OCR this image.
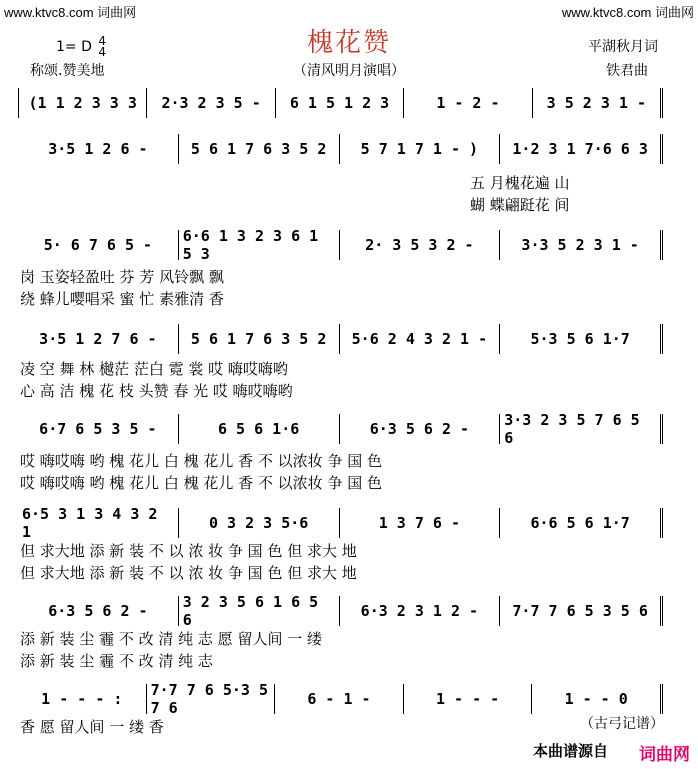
www.ktvc8.com 词曲网	www.ktvc8.com 词曲网
槐花赞
1= D 4
4
称颂.赞美地	（清风明月演唱）
平湖秋月词
铁君曲
(1 1 2 3 3 3	2·3 2 3 5 -	6 1 5 1 2 3	1 - 2 -	3 5 2 3 1 -
3·5 1 2 6 -	5 6 1 7 6 3 5 2	5 7 1 7 1 - )	1·2 3 1 7·6 6 3
五 月槐花遍 山
蝴 蝶翩跹花 间
5· 6 7 6 5 -	6·6 1 3 2 3 6 1 5 3	2· 3 5 3 2 -	3·3 5 2 3 1 -
岗 玉姿轻盈吐 芬 芳 风铃飘 飘
绕 蜂儿嘤唱采 蜜 忙 素雅清 香
3·5 1 2 7 6 -	5 6 1 7 6 3 5 2	5·6 2 4 3 2 1 -	5·3 5 6 1·7
凌 空 舞 林 樾茫 茫白 霓 裳 哎 嗨哎嗨哟
心 高 洁 槐 花 枝 头赞 春 光 哎 嗨哎嗨哟
6·7 6 5 3 5 -	6 5 6 1·6	6·3 5 6 2 -	3·3 2 3 5 7 6 5 6
哎 嗨哎嗨 哟 槐 花儿 白 槐 花儿 香 不 以浓妆 争 国 色
哎 嗨哎嗨 哟 槐 花儿 白 槐 花儿 香 不 以浓妆 争 国 色
6·5 3 1 3 4 3 2 1	0 3 2 3 5·6	1 3 7 6 -	6·6 5 6 1·7
但 求大地 添 新 装 不 以 浓 妆 争 国 色 但 求大 地
但 求大地 添 新 装 不 以 浓 妆 争 国 色 但 求大 地
6·3 5 6 2 -	3 2 3 5 6 1 6 5 6	6·3 2 3 1 2 -	7·7 7 6 5 3 5 6
添 新 装 尘 霾 不 改 清 纯 志 愿 留人间 一 缕
添 新 装 尘 霾 不 改 清 纯 志
1 - - - :	7·7 7 6 5·3 5 7 6	6 - 1 -	1 - - -	1 - - 0
香 愿 留人间 一 缕 香	（古弓记谱）
本曲谱源自 词曲网
